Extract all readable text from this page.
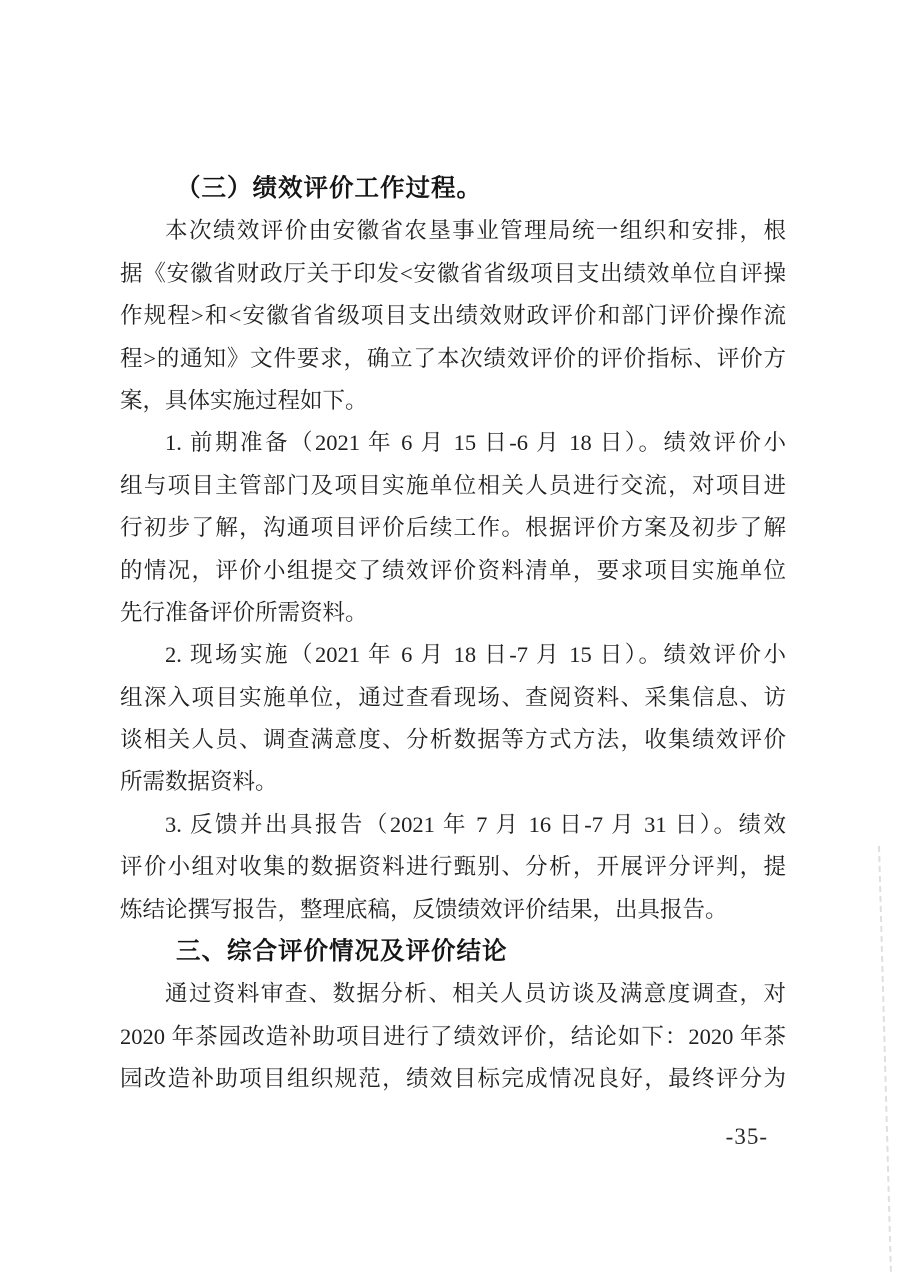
（三）绩效评价工作过程。
本次绩效评价由安徽省农垦事业管理局统一组织和安排，根
据《安徽省财政厅关于印发<安徽省省级项目支出绩效单位自评操
作规程>和<安徽省省级项目支出绩效财政评价和部门评价操作流
程>的通知》文件要求，确立了本次绩效评价的评价指标、评价方
案，具体实施过程如下。
1. 前期准备（2021 年 6 月 15 日-6 月 18 日）。绩效评价小
组与项目主管部门及项目实施单位相关人员进行交流，对项目进
行初步了解，沟通项目评价后续工作。根据评价方案及初步了解
的情况，评价小组提交了绩效评价资料清单，要求项目实施单位
先行准备评价所需资料。
2. 现场实施（2021 年 6 月 18 日-7 月 15 日）。绩效评价小
组深入项目实施单位，通过查看现场、查阅资料、采集信息、访
谈相关人员、调查满意度、分析数据等方式方法，收集绩效评价
所需数据资料。
3. 反馈并出具报告（2021 年 7 月 16 日-7 月 31 日）。绩效
评价小组对收集的数据资料进行甄别、分析，开展评分评判，提
炼结论撰写报告，整理底稿，反馈绩效评价结果，出具报告。
三、综合评价情况及评价结论
通过资料审查、数据分析、相关人员访谈及满意度调查，对
2020 年茶园改造补助项目进行了绩效评价，结论如下：2020 年茶
园改造补助项目组织规范，绩效目标完成情况良好，最终评分为
-35-
